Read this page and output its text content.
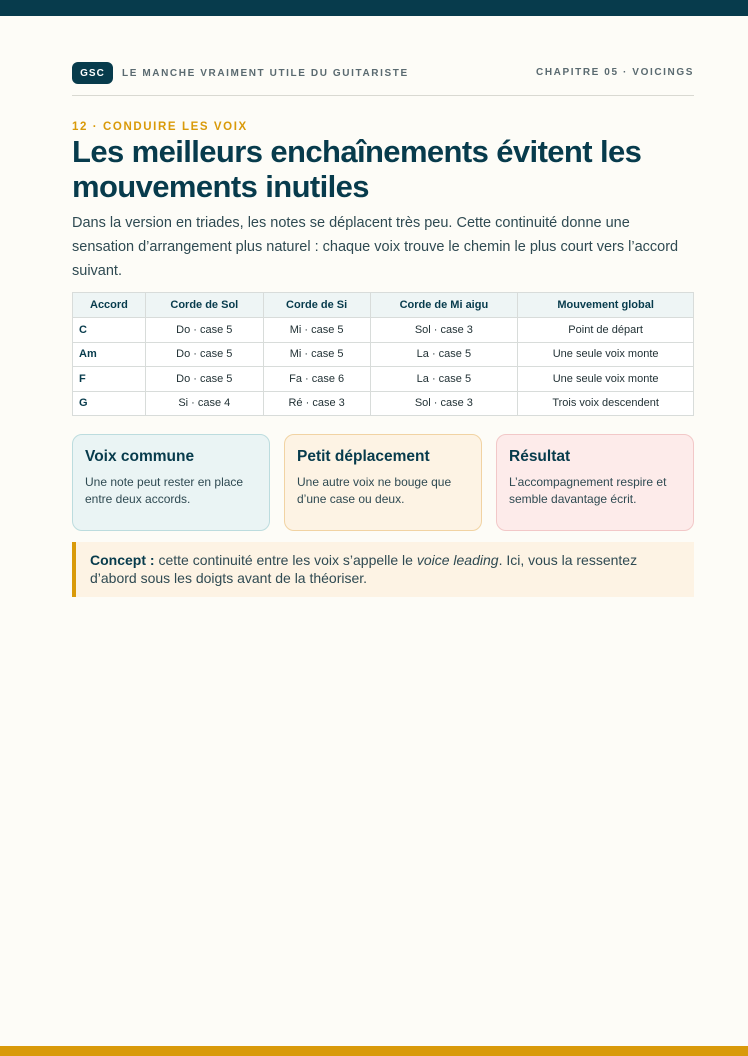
GSC	LE MANCHE VRAIMENT UTILE DU GUITARISTE	CHAPITRE 05 · VOICINGS
12 · CONDUIRE LES VOIX
Les meilleurs enchaînements évitent les mouvements inutiles

Dans la version en triades, les notes se déplacent très peu. Cette continuité donne une sensation d’arrangement plus naturel : chaque voix trouve le chemin le plus court vers l’accord suivant.

Accord	Corde de Sol	Corde de Si	Corde de Mi aigu	Mouvement global
C	Do · case 5	Mi · case 5	Sol · case 3	Point de départ
Am	Do · case 5	Mi · case 5	La · case 5	Une seule voix monte
F	Do · case 5	Fa · case 6	La · case 5	Une seule voix monte
G	Si · case 4	Ré · case 3	Sol · case 3	Trois voix descendent
Voix commune
Une note peut rester en place entre deux accords.
Petit déplacement
Une autre voix ne bouge que d’une case ou deux.
Résultat
L’accompagnement respire et semble davantage écrit.
Concept : cette continuité entre les voix s’appelle le voice leading. Ici, vous la ressentez d’abord sous les doigts avant de la théoriser.
